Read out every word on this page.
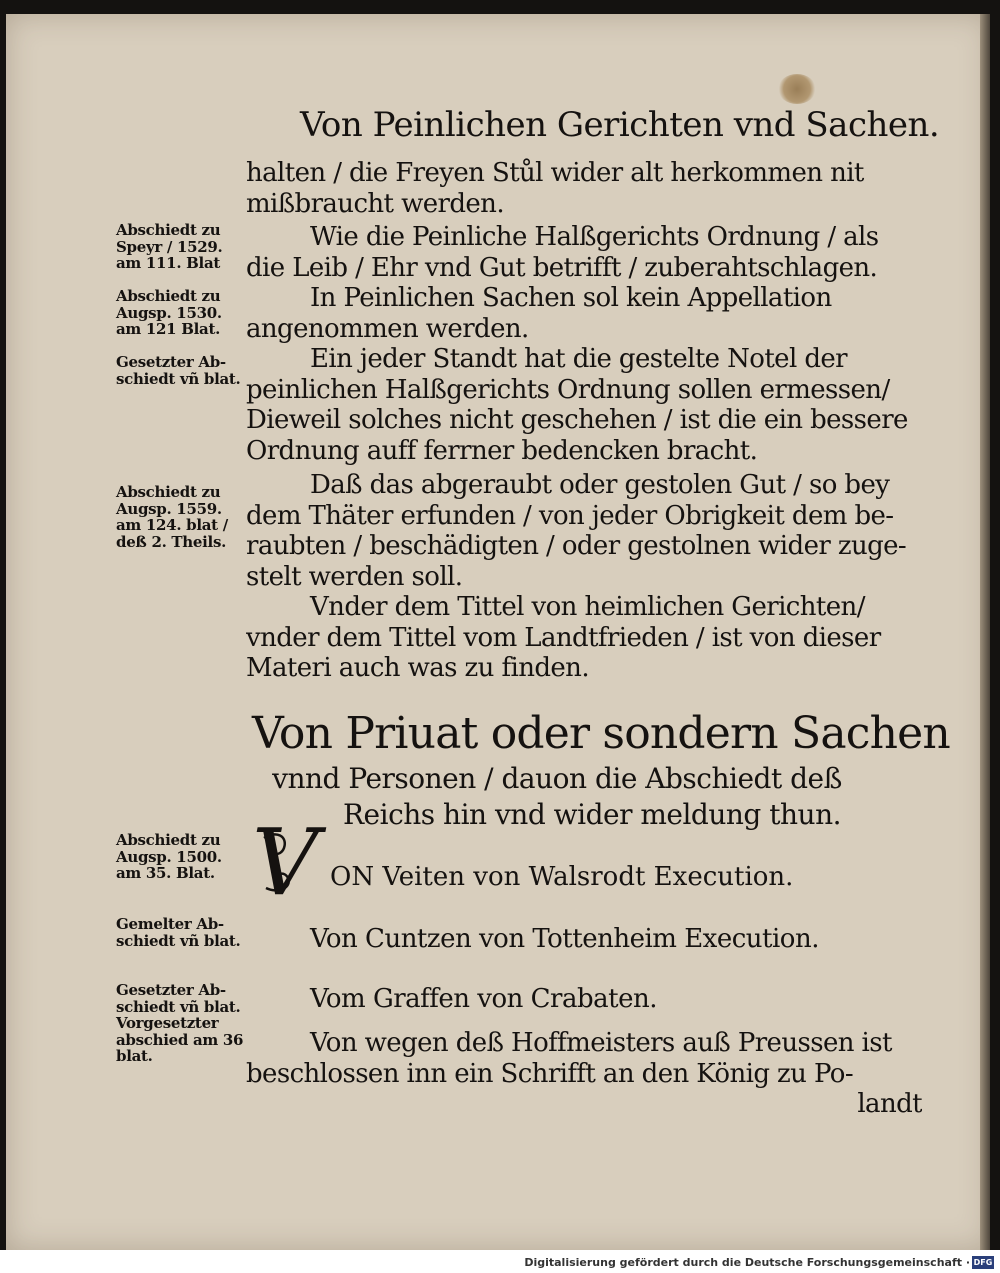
Von Peinlichen Gerichten vnd Sachen.
halten / die Freyen Stůl wider alt herkommen nit
mißbraucht werden.
Wie die Peinliche Halßgerichts Ordnung / als
die Leib / Ehr vnd Gut betrifft / zuberahtschlagen.
In Peinlichen Sachen sol kein Appellation
angenommen werden.
Ein jeder Standt hat die gestelte Notel der
peinlichen Halßgerichts Ordnung sollen ermessen/
Dieweil solches nicht geschehen / ist die ein bessere
Ordnung auff ferrner bedencken bracht.
Daß das abgeraubt oder gestolen Gut / so bey
dem Thäter erfunden / von jeder Obrigkeit dem be-
raubten / beschädigten / oder gestolnen wider zuge-
stelt werden soll.
Vnder dem Tittel von heimlichen Gerichten/
vnder dem Tittel vom Landtfrieden / ist von dieser
Materi auch was zu finden.
Von Priuat oder sondern Sachen
vnnd Personen / dauon die Abschiedt deß
Reichs hin vnd wider meldung thun.
V ON Veiten von Walsrodt Execution.
Von Cuntzen von Tottenheim Execution.
Vom Graffen von Crabaten.
Von wegen deß Hoffmeisters auß Preussen ist
beschlossen inn ein Schrifft an den König zu Po-
landt
Abschiedt zu
Speyr / 1529.
am 111. Blat
Abschiedt zu
Augsp. 1530.
am 121 Blat.
Gesetzter Ab-
schiedt vñ blat.
Abschiedt zu
Augsp. 1559.
am 124. blat /
deß 2. Theils.
Abschiedt zu
Augsp. 1500.
am 35. Blat.
Gemelter Ab-
schiedt vñ blat.
Gesetzter Ab-
schiedt vñ blat.
Vorgesetzter
abschied am 36
blat.
Digitalisierung gefördert durch die Deutsche Forschungsgemeinschaft · DFG
